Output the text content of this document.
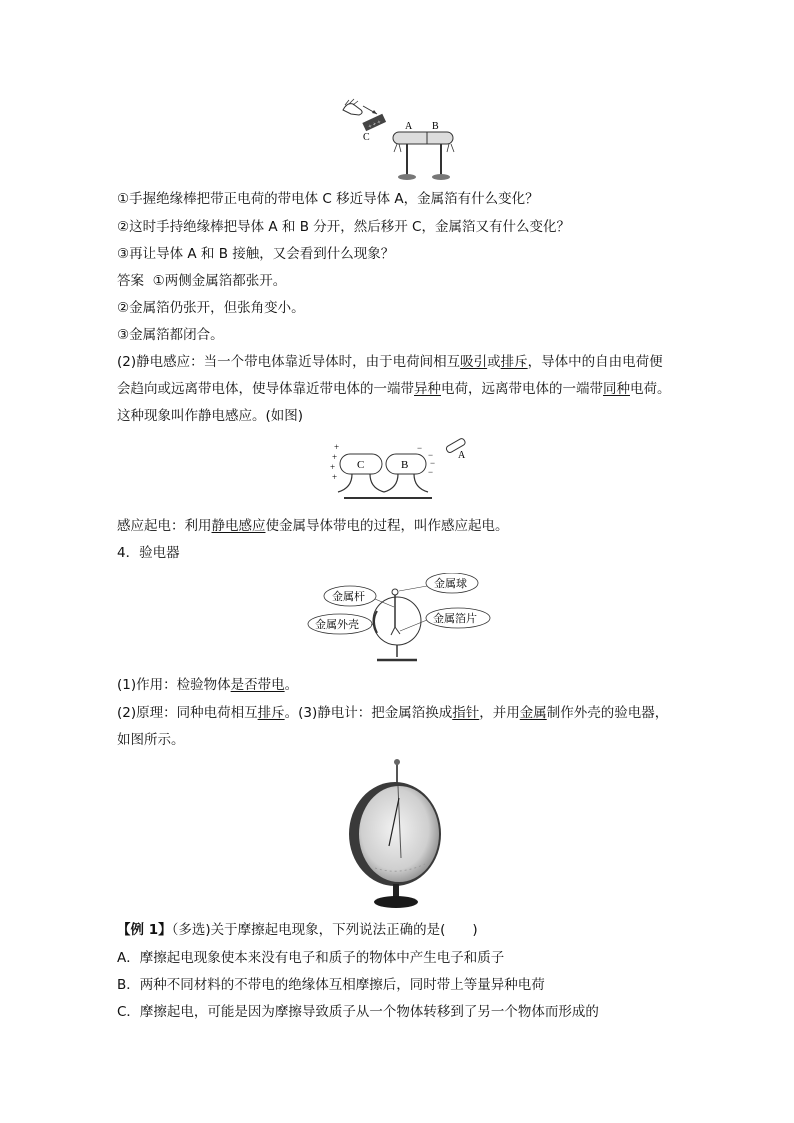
+ + +
C
A B
①手握绝缘棒把带正电荷的带电体 C 移近导体 A，金属箔有什么变化？
②这时手持绝缘棒把导体 A 和 B 分开，然后移开 C，金属箔又有什么变化？
③再让导体 A 和 B 接触，又会看到什么现象？
答案 ①两侧金属箔都张开。
②金属箔仍张开，但张角变小。
③金属箔都闭合。
(2)静电感应：当一个带电体靠近导体时，由于电荷间相互吸引或排斥，导体中的自由电荷便
会趋向或远离带电体，使导体靠近带电体的一端带异种电荷，远离带电体的一端带同种电荷。
这种现象叫作静电感应。(如图)
+
+
+
+
C	B
−
−
−
−
A
感应起电：利用静电感应使金属导体带电的过程，叫作感应起电。
4．验电器
金属杆
金属球
金属外壳	金属箔片
(1)作用：检验物体是否带电。
(2)原理：同种电荷相互排斥。(3)静电计：把金属箔换成指针，并用金属制作外壳的验电器，
如图所示。
【例 1】（多选)关于摩擦起电现象，下列说法正确的是(　　)
A．摩擦起电现象使本来没有电子和质子的物体中产生电子和质子
B．两种不同材料的不带电的绝缘体互相摩擦后，同时带上等量异种电荷
C．摩擦起电，可能是因为摩擦导致质子从一个物体转移到了另一个物体而形成的
